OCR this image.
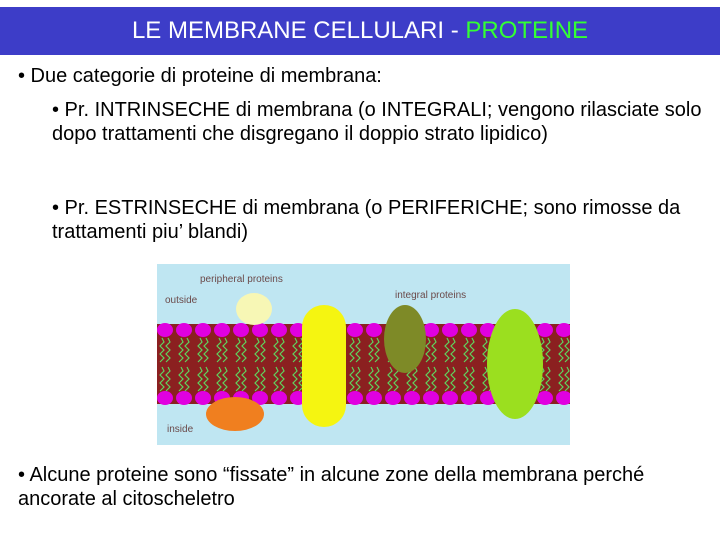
LE MEMBRANE CELLULARI - PROTEINE
• Due categorie di proteine di membrana:
• Pr. INTRINSECHE di membrana (o INTEGRALI; vengono rilasciate solo dopo trattamenti che disgregano il doppio strato lipidico)
• Pr. ESTRINSECHE di membrana (o PERIFERICHE; sono rimosse da trattamenti piu’ blandi)
peripheral proteins
outside	integral proteins
inside
• Alcune proteine sono “fissate” in alcune zone della membrana perché ancorate al citoscheletro
